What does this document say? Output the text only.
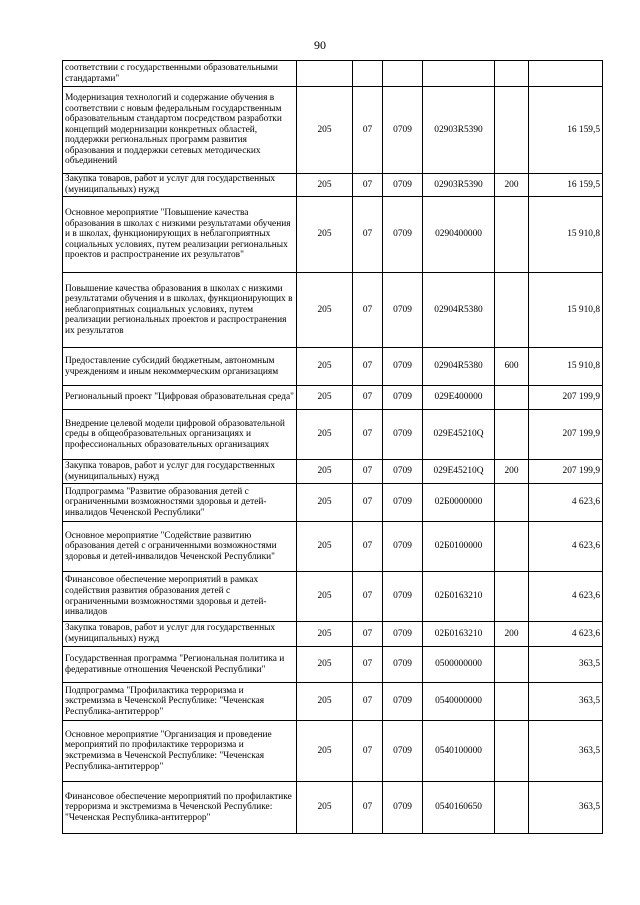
90
соответствии с государственными образовательными стандартами"						
Модернизация технологий и содержание обучения в соответствии с новым федеральным государственным образовательным стандартом посредством разработки концепций модернизации конкретных областей, поддержки региональных программ развития образования и поддержки сетевых методических объединений	205	07	0709	02903R5390		16 159,5
Закупка товаров, работ и услуг для государственных (муниципальных) нужд	205	07	0709	02903R5390	200	16 159,5
Основное мероприятие "Повышение качества образования в школах с низкими результатами обучения и в школах, функционирующих в неблагоприятных социальных условиях, путем реализации региональных проектов и распространение их результатов"	205	07	0709	0290400000		15 910,8
Повышение качества образования в школах с низкими результатами обучения и в школах, функционирующих в неблагоприятных социальных условиях, путем реализации региональных проектов и распространения их результатов	205	07	0709	02904R5380		15 910,8
Предоставление субсидий бюджетным, автономным учреждениям и иным некоммерческим организациям	205	07	0709	02904R5380	600	15 910,8
Региональный проект "Цифровая образовательная среда"	205	07	0709	029E400000		207 199,9
Внедрение целевой модели цифровой образовательной среды в общеобразовательных организациях и профессиональных образовательных организациях	205	07	0709	029E45210Q		207 199,9
Закупка товаров, работ и услуг для государственных (муниципальных) нужд	205	07	0709	029E45210Q	200	207 199,9
Подпрограмма "Развитие образования детей с ограниченными возможностями здоровья и детей-инвалидов Чеченской Республики"	205	07	0709	02Б0000000		4 623,6
Основное мероприятие "Содействие развитию образования детей с ограниченными возможностями здоровья и детей-инвалидов Чеченской Республики"	205	07	0709	02Б0100000		4 623,6
Финансовое обеспечение мероприятий в рамках содействия развития образования детей с ограниченными возможностями здоровья и детей-инвалидов	205	07	0709	02Б0163210		4 623,6
Закупка товаров, работ и услуг для государственных (муниципальных) нужд	205	07	0709	02Б0163210	200	4 623,6
Государственная программа "Региональная политика и федеративные отношения Чеченской Республики"	205	07	0709	0500000000		363,5
Подпрограмма "Профилактика терроризма и экстремизма в Чеченской Республике: "Чеченская Республика-антитеррор"	205	07	0709	0540000000		363,5
Основное мероприятие "Организация и проведение мероприятий по профилактике терроризма и экстремизма в Чеченской Республике: "Чеченская Республика-антитеррор"	205	07	0709	0540100000		363,5
Финансовое обеспечение мероприятий по профилактике терроризма и экстремизма в Чеченской Республике: "Чеченская Республика-антитеррор"	205	07	0709	0540160650		363,5
